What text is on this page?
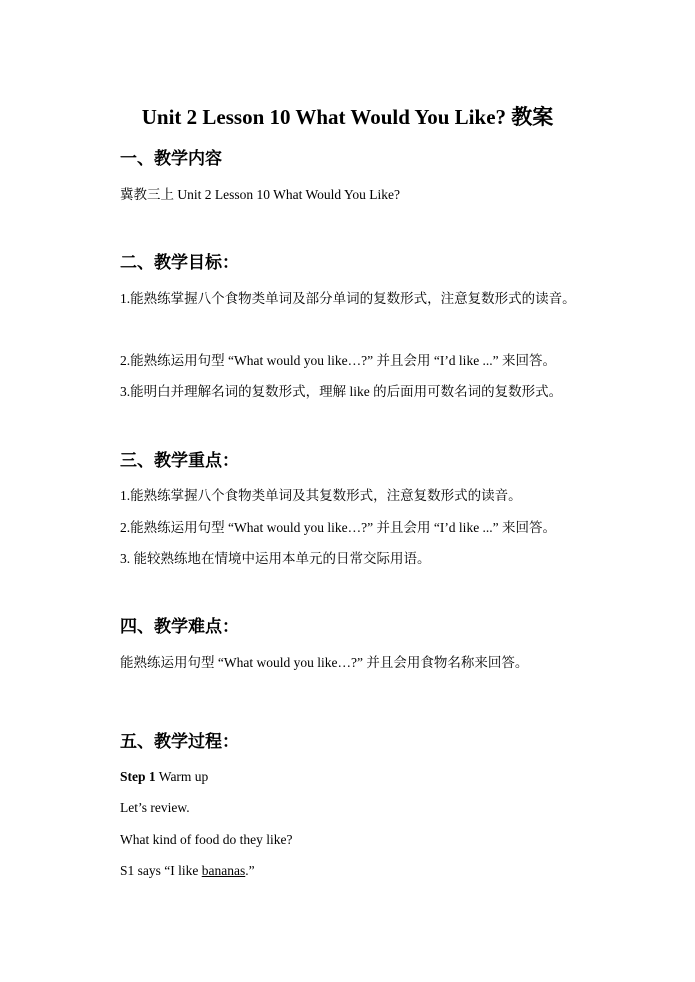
Unit 2 Lesson 10 What Would You Like? 教案
一、教学内容
冀教三上 Unit 2 Lesson 10 What Would You Like?
二、教学目标：
1.能熟练掌握八个食物类单词及部分单词的复数形式，注意复数形式的读音。
2.能熟练运用句型 “What would you like…?” 并且会用 “I’d like ...” 来回答。
3.能明白并理解名词的复数形式，理解 like 的后面用可数名词的复数形式。
三、教学重点：
1.能熟练掌握八个食物类单词及其复数形式，注意复数形式的读音。
2.能熟练运用句型 “What would you like…?” 并且会用 “I’d like ...” 来回答。
3. 能较熟练地在情境中运用本单元的日常交际用语。
四、教学难点：
能熟练运用句型 “What would you like…?” 并且会用食物名称来回答。
五、教学过程：
Step 1 Warm up
Let’s review.
What kind of food do they like?
S1 says “I like bananas.”
